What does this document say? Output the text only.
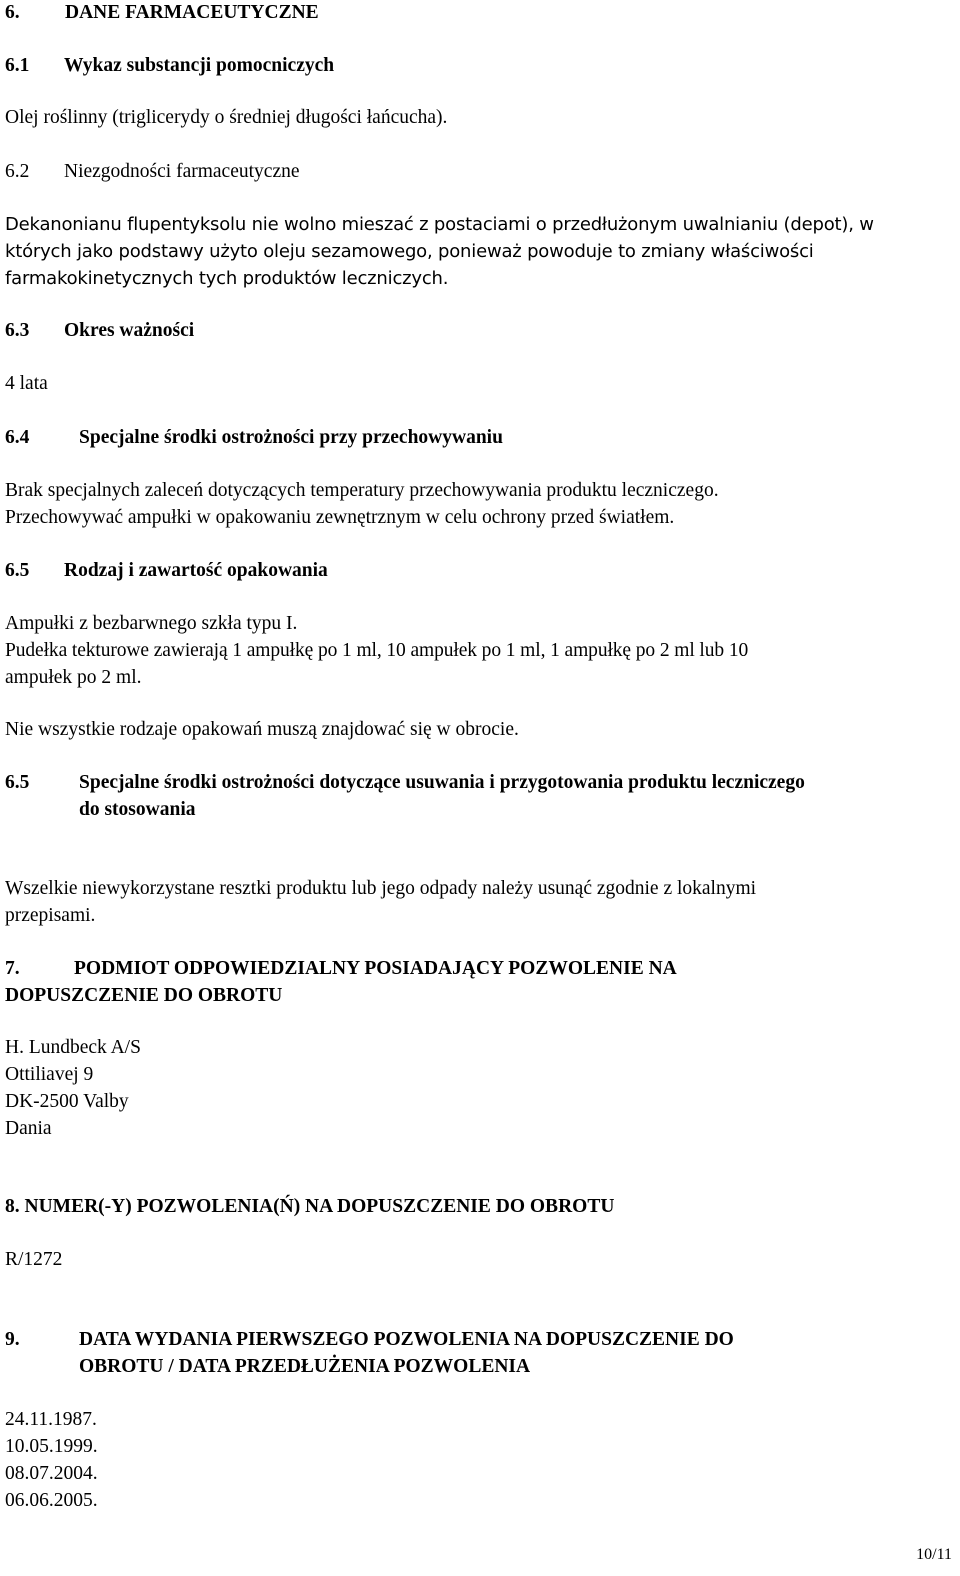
6. DANE FARMACEUTYCZNE
6.1 Wykaz substancji pomocniczych
Olej roślinny (triglicerydy o średniej długości łańcucha).
6.2 Niezgodności farmaceutyczne
Dekanonianu flupentyksolu nie wolno mieszać z postaciami o przedłużonym uwalnianiu (depot), w
których jako podstawy użyto oleju sezamowego, ponieważ powoduje to zmiany właściwości
farmakokinetycznych tych produktów leczniczych.
6.3 Okres ważności
4 lata
6.4	Specjalne środki ostrożności przy przechowywaniu
Brak specjalnych zaleceń dotyczących temperatury przechowywania produktu leczniczego.
Przechowywać ampułki w opakowaniu zewnętrznym w celu ochrony przed światłem.
6.5 Rodzaj i zawartość opakowania
Ampułki z bezbarwnego szkła typu I.
Pudełka tekturowe zawierają 1 ampułkę po 1 ml, 10 ampułek po 1 ml, 1 ampułkę po 2 ml lub 10
ampułek po 2 ml.
Nie wszystkie rodzaje opakowań muszą znajdować się w obrocie.
6.5	Specjalne środki ostrożności dotyczące usuwania i przygotowania produktu leczniczego
do stosowania
Wszelkie niewykorzystane resztki produktu lub jego odpady należy usunąć zgodnie z lokalnymi
przepisami.
7.	PODMIOT ODPOWIEDZIALNY POSIADAJĄCY POZWOLENIE NA
DOPUSZCZENIE DO OBROTU
H. Lundbeck A/S
Ottiliavej 9
DK-2500 Valby
Dania
8. NUMER(-Y) POZWOLENIA(Ń) NA DOPUSZCZENIE DO OBROTU
R/1272
9.	DATA WYDANIA PIERWSZEGO POZWOLENIA NA DOPUSZCZENIE DO
OBROTU / DATA PRZEDŁUŻENIA POZWOLENIA
24.11.1987.
10.05.1999.
08.07.2004.
06.06.2005.
10/11
